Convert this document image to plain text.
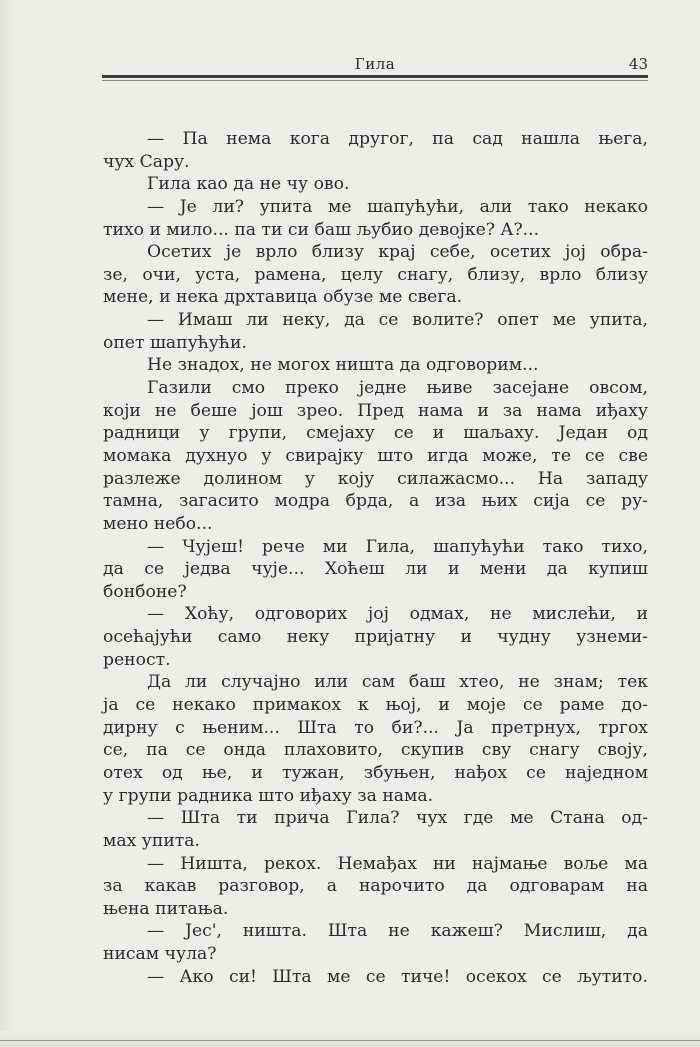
Гила	43
— Па нема кога другог, па сад нашла њега,
чух Сару.
Гила као да не чу ово.
— Је ли? упита ме шапућући, али тако некако
тихо и мило... па ти си баш љубио девојке? А?...
Осетих је врло близу крај себе, осетих јој обра-
зе, очи, уста, рамена, целу снагу, близу, врло близу
мене, и нека дрхтавица обузе ме свега.
— Имаш ли неку, да се волите? опет ме упита,
опет шапућући.
Не знадох, не могох ништа да одговорим...
Газили смо преко једне њиве засејане овсом,
који не беше још зрео. Пред нама и за нама иђаху
радници у групи, смејаху се и шаљаху. Један од
момака духнуо у свирајку што игда може, те се све
разлеже долином у коју силажасмо... На западу
тамна, загасито модра брда, а иза њих сија се ру-
мено небо...
— Чујеш! рече ми Гила, шапућући тако тихо,
да се једва чује... Хоћеш ли и мени да купиш
бонбоне?
— Хоћу, одговорих јој одмах, не мислећи, и
осећајући само неку пријатну и чудну узнеми-
реност.
Да ли случајно или сам баш хтео, не знам; тек
ја се некако примакох к њој, и моје се раме до-
дирну с њеним... Шта то би?... Ја претрнух, тргох
се, па се онда плаховито, скупив сву снагу своју,
отех од ње, и тужан, збуњен, нађох се наједном
у групи радника што иђаху за нама.
— Шта ти прича Гила? чух где ме Стана од-
мах упита.
— Ништа, рекох. Немађах ни најмање воље ма
за какав разговор, а нарочито да одговарам на
њена питања.
— Јес', ништа. Шта не кажеш? Мислиш, да
нисам чула?
— Ако си! Шта ме се тиче! осекох се љутито.
